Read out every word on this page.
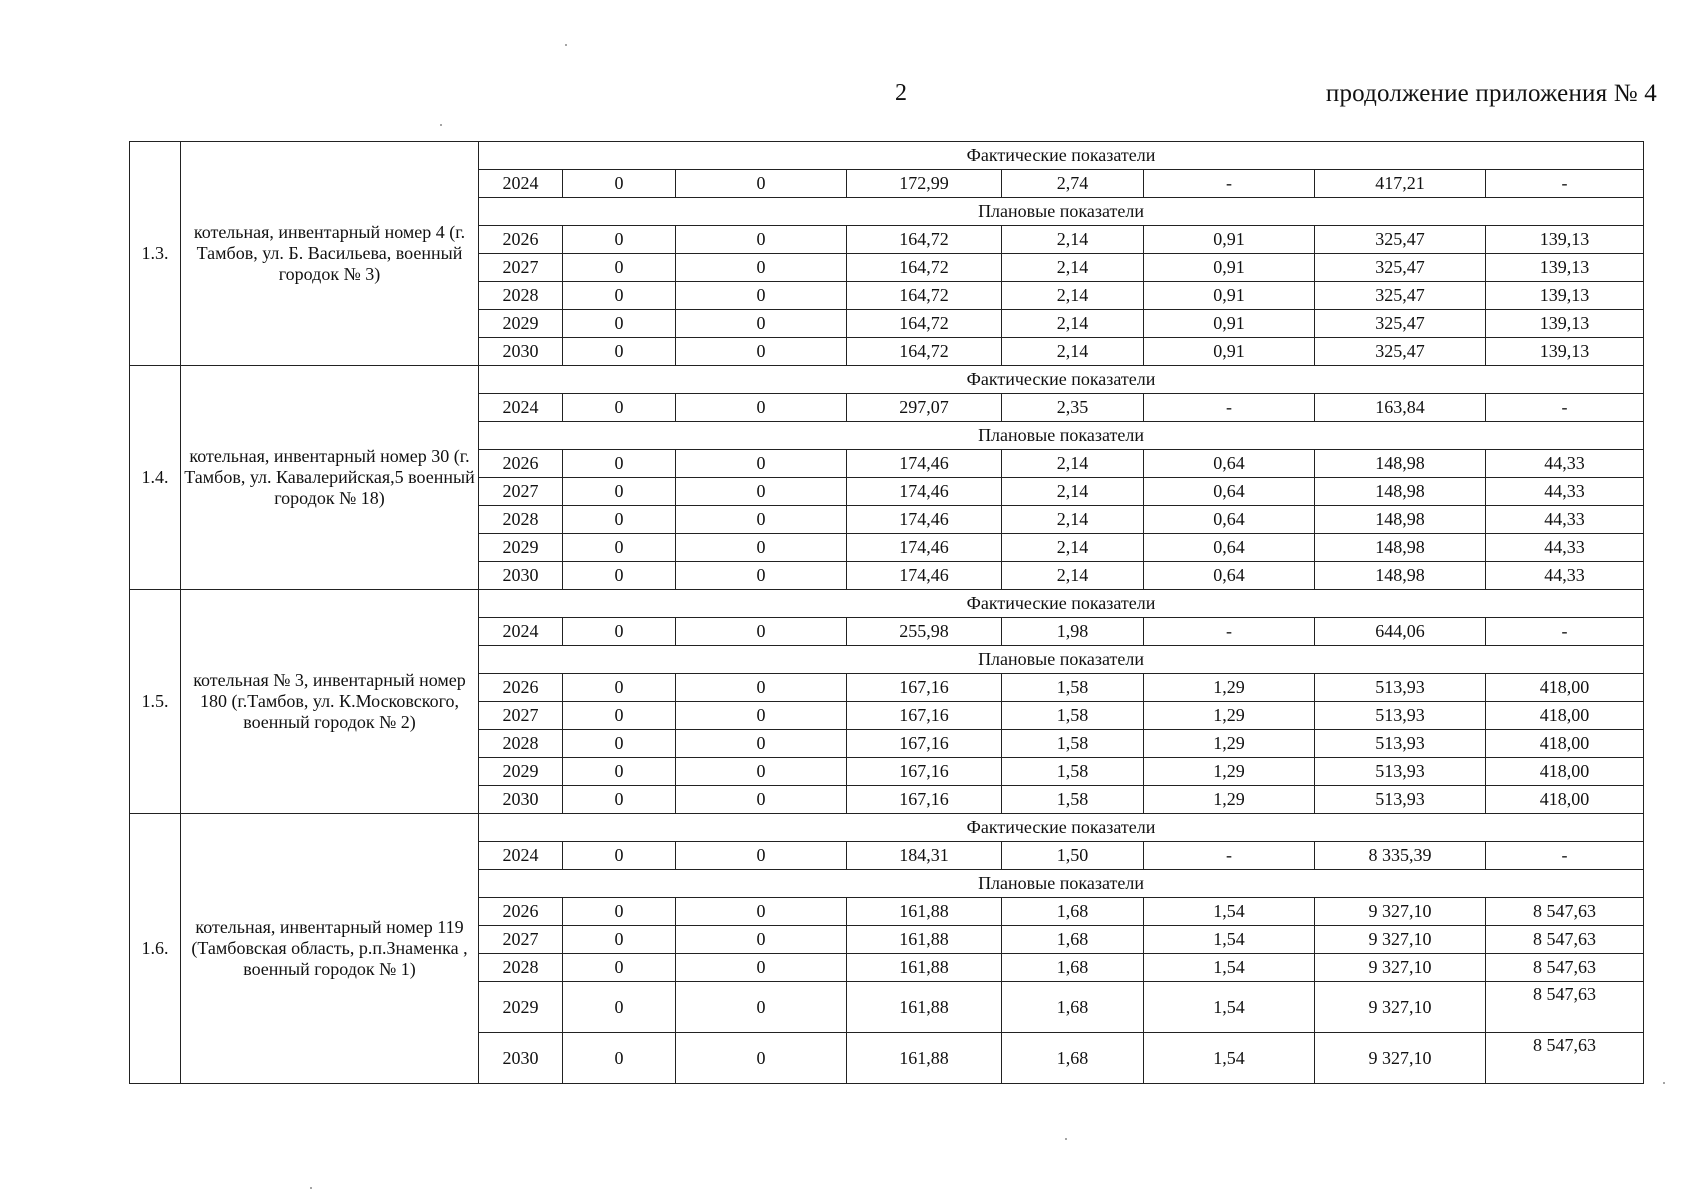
2	продолжение приложения № 4
1.3.	котельная, инвентарный номер 4 (г. Тамбов, ул. Б. Васильева, военный городок № 3)	Фактические показатели							
		2024	0	0	172,99	2,74	-	417,21	-
		Плановые показатели							
		2026	0	0	164,72	2,14	0,91	325,47	139,13
		2027	0	0	164,72	2,14	0,91	325,47	139,13
		2028	0	0	164,72	2,14	0,91	325,47	139,13
		2029	0	0	164,72	2,14	0,91	325,47	139,13
		2030	0	0	164,72	2,14	0,91	325,47	139,13
1.4.	котельная, инвентарный номер 30 (г. Тамбов, ул. Кавалерийская,5 военный городок № 18)	Фактические показатели							
		2024	0	0	297,07	2,35	-	163,84	-
		Плановые показатели							
		2026	0	0	174,46	2,14	0,64	148,98	44,33
		2027	0	0	174,46	2,14	0,64	148,98	44,33
		2028	0	0	174,46	2,14	0,64	148,98	44,33
		2029	0	0	174,46	2,14	0,64	148,98	44,33
		2030	0	0	174,46	2,14	0,64	148,98	44,33
1.5.	котельная № 3, инвентарный номер 180 (г.Тамбов, ул. К.Московского, военный городок № 2)	Фактические показатели							
		2024	0	0	255,98	1,98	-	644,06	-
		Плановые показатели							
		2026	0	0	167,16	1,58	1,29	513,93	418,00
		2027	0	0	167,16	1,58	1,29	513,93	418,00
		2028	0	0	167,16	1,58	1,29	513,93	418,00
		2029	0	0	167,16	1,58	1,29	513,93	418,00
		2030	0	0	167,16	1,58	1,29	513,93	418,00
1.6.	котельная, инвентарный номер 119 (Тамбовская область, р.п.Знаменка , военный городок № 1)	Фактические показатели							
		2024	0	0	184,31	1,50	-	8 335,39	-
		Плановые показатели							
		2026	0	0	161,88	1,68	1,54	9 327,10	8 547,63
		2027	0	0	161,88	1,68	1,54	9 327,10	8 547,63
		2028	0	0	161,88	1,68	1,54	9 327,10	8 547,63
		2029	0	0	161,88	1,68	1,54	9 327,10	8 547,63
		2030	0	0	161,88	1,68	1,54	9 327,10	8 547,63
